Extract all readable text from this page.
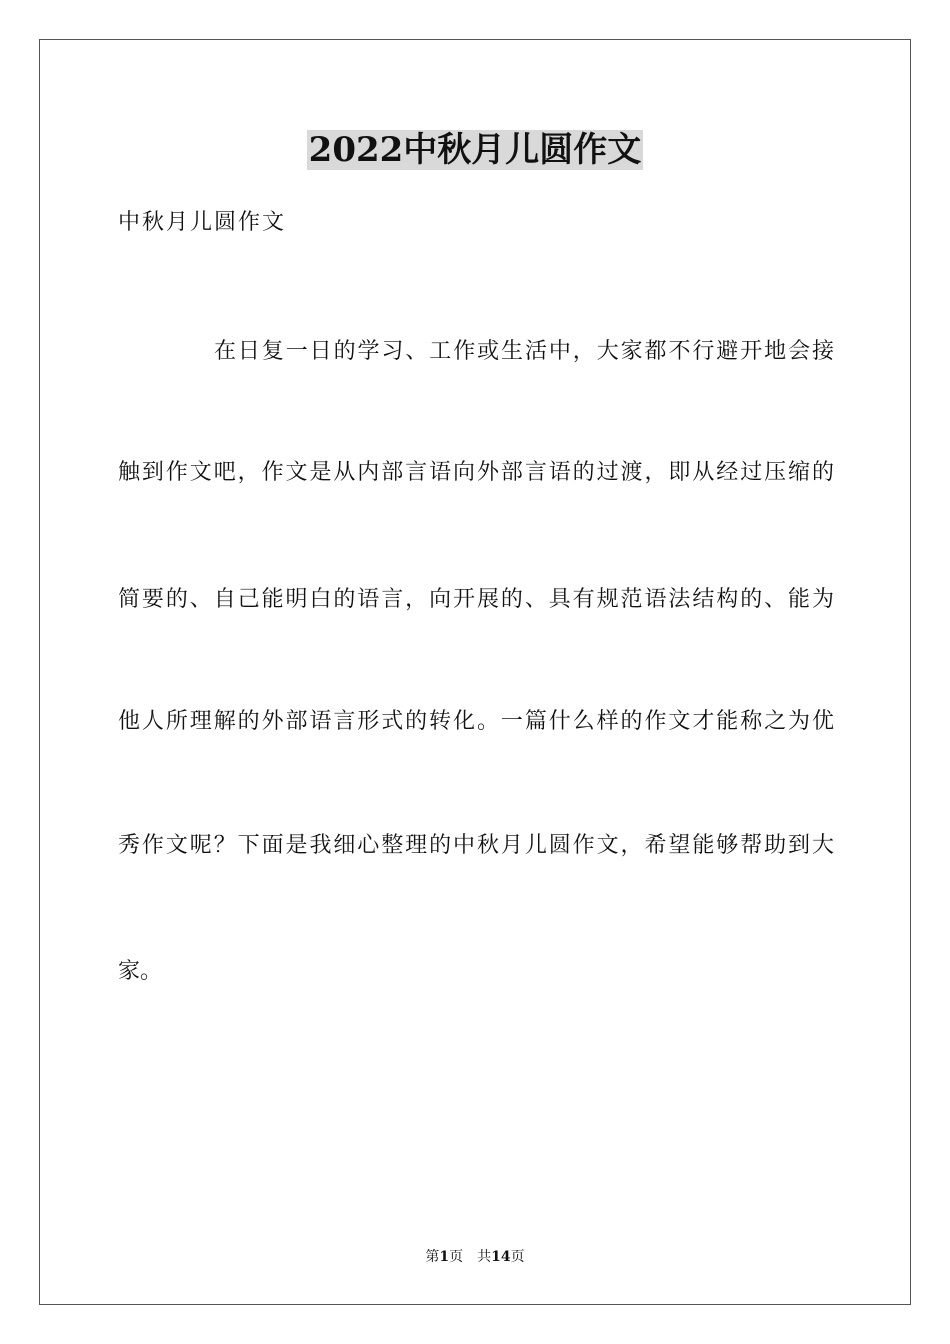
2022中秋月儿圆作文
中秋月儿圆作文
在日复一日的学习、工作或生活中，大家都不行避开地会接
触到作文吧，作文是从内部言语向外部言语的过渡，即从经过压缩的
简要的、自己能明白的语言，向开展的、具有规范语法结构的、能为
他人所理解的外部语言形式的转化。一篇什么样的作文才能称之为优
秀作文呢？下面是我细心整理的中秋月儿圆作文，希望能够帮助到大
家。
第1页 共14页
